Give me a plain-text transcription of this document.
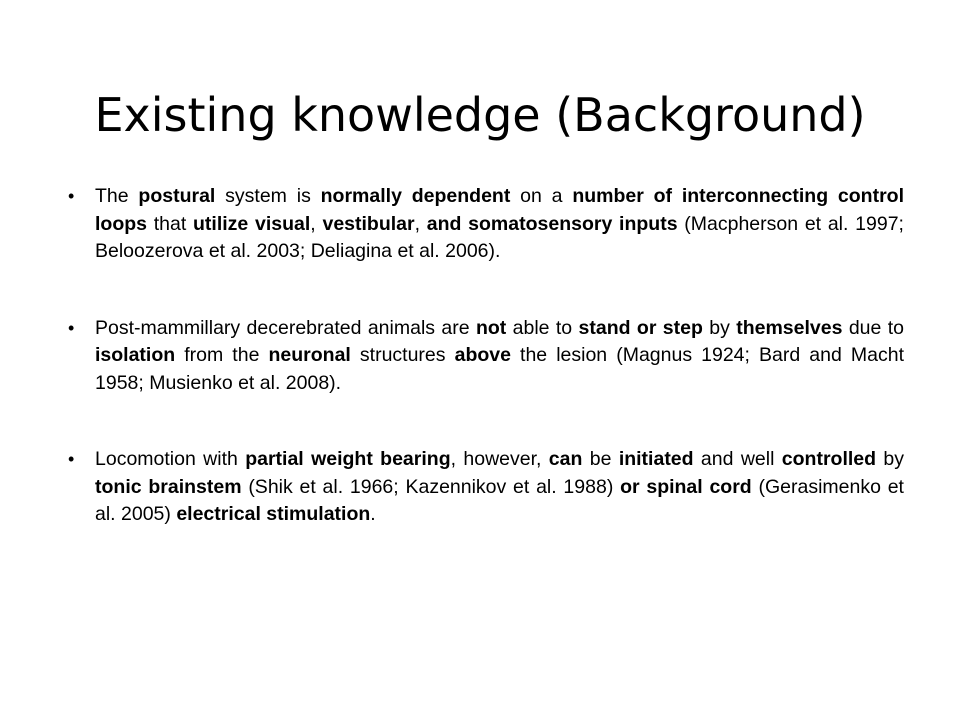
Existing knowledge (Background)
• The postural system is normally dependent on a number of interconnecting control loops that utilize visual, vestibular, and somatosensory inputs (Macpherson et al. 1997; Beloozerova et al. 2003; Deliagina et al. 2006).
• Post-mammillary decerebrated animals are not able to stand or step by themselves due to isolation from the neuronal structures above the lesion (Magnus 1924; Bard and Macht 1958; Musienko et al. 2008).
• Locomotion with partial weight bearing, however, can be initiated and well controlled by tonic brainstem (Shik et al. 1966; Kazennikov et al. 1988) or spinal cord (Gerasimenko et al. 2005) electrical stimulation.
